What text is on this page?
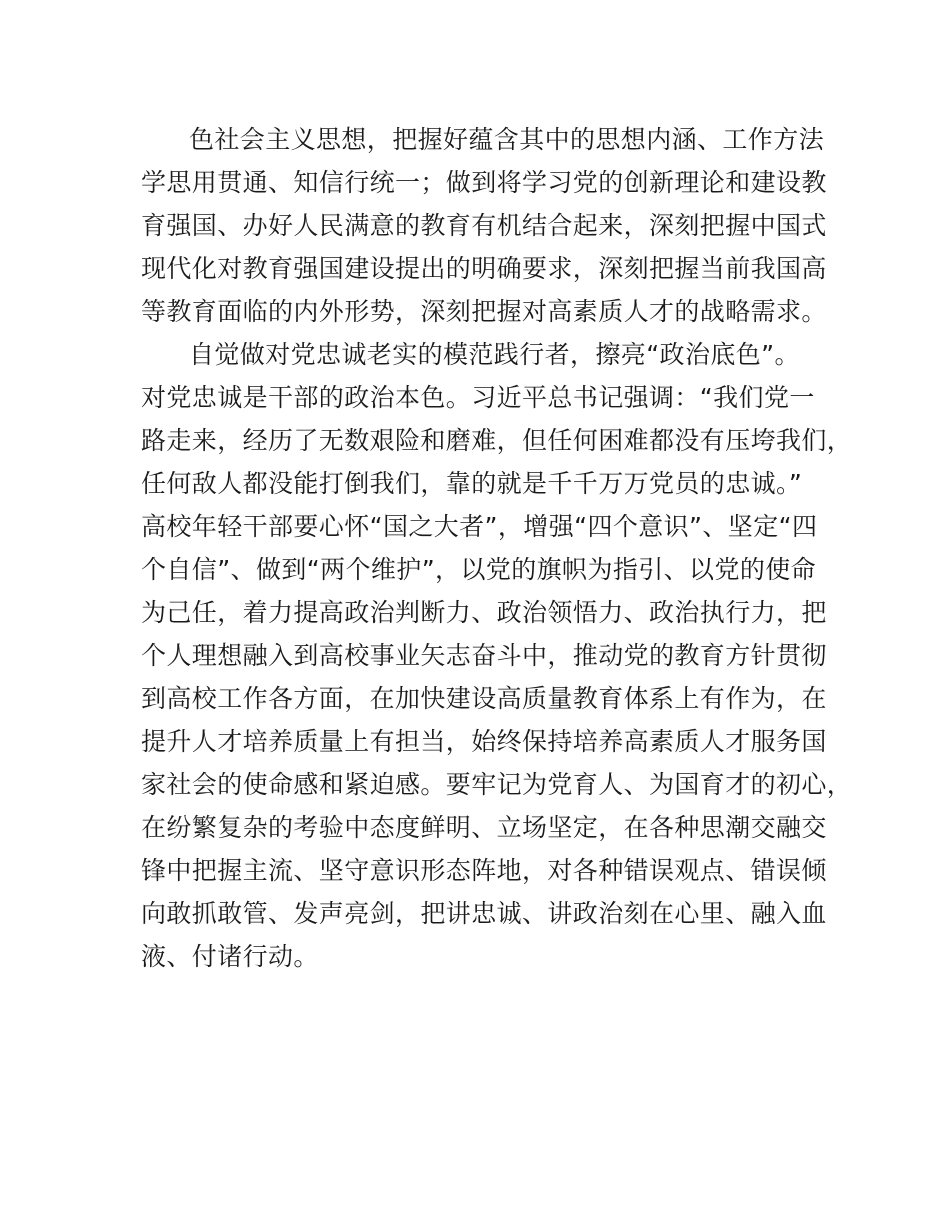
色社会主义思想，把握好蕴含其中的思想内涵、工作方法
学思用贯通、知信行统一；做到将学习党的创新理论和建设教
育强国、办好人民满意的教育有机结合起来，深刻把握中国式
现代化对教育强国建设提出的明确要求，深刻把握当前我国高
等教育面临的内外形势，深刻把握对高素质人才的战略需求。
自觉做对党忠诚老实的模范践行者，擦亮“政治底色”。
对党忠诚是干部的政治本色。习近平总书记强调：“我们党一
路走来，经历了无数艰险和磨难，但任何困难都没有压垮我们，
任何敌人都没能打倒我们，靠的就是千千万万党员的忠诚。”
高校年轻干部要心怀“国之大者”，增强“四个意识”、坚定“四
个自信”、做到“两个维护”，以党的旗帜为指引、以党的使命
为己任，着力提高政治判断力、政治领悟力、政治执行力，把
个人理想融入到高校事业矢志奋斗中，推动党的教育方针贯彻
到高校工作各方面，在加快建设高质量教育体系上有作为，在
提升人才培养质量上有担当，始终保持培养高素质人才服务国
家社会的使命感和紧迫感。要牢记为党育人、为国育才的初心，
在纷繁复杂的考验中态度鲜明、立场坚定，在各种思潮交融交
锋中把握主流、坚守意识形态阵地，对各种错误观点、错误倾
向敢抓敢管、发声亮剑，把讲忠诚、讲政治刻在心里、融入血
液、付诸行动。
